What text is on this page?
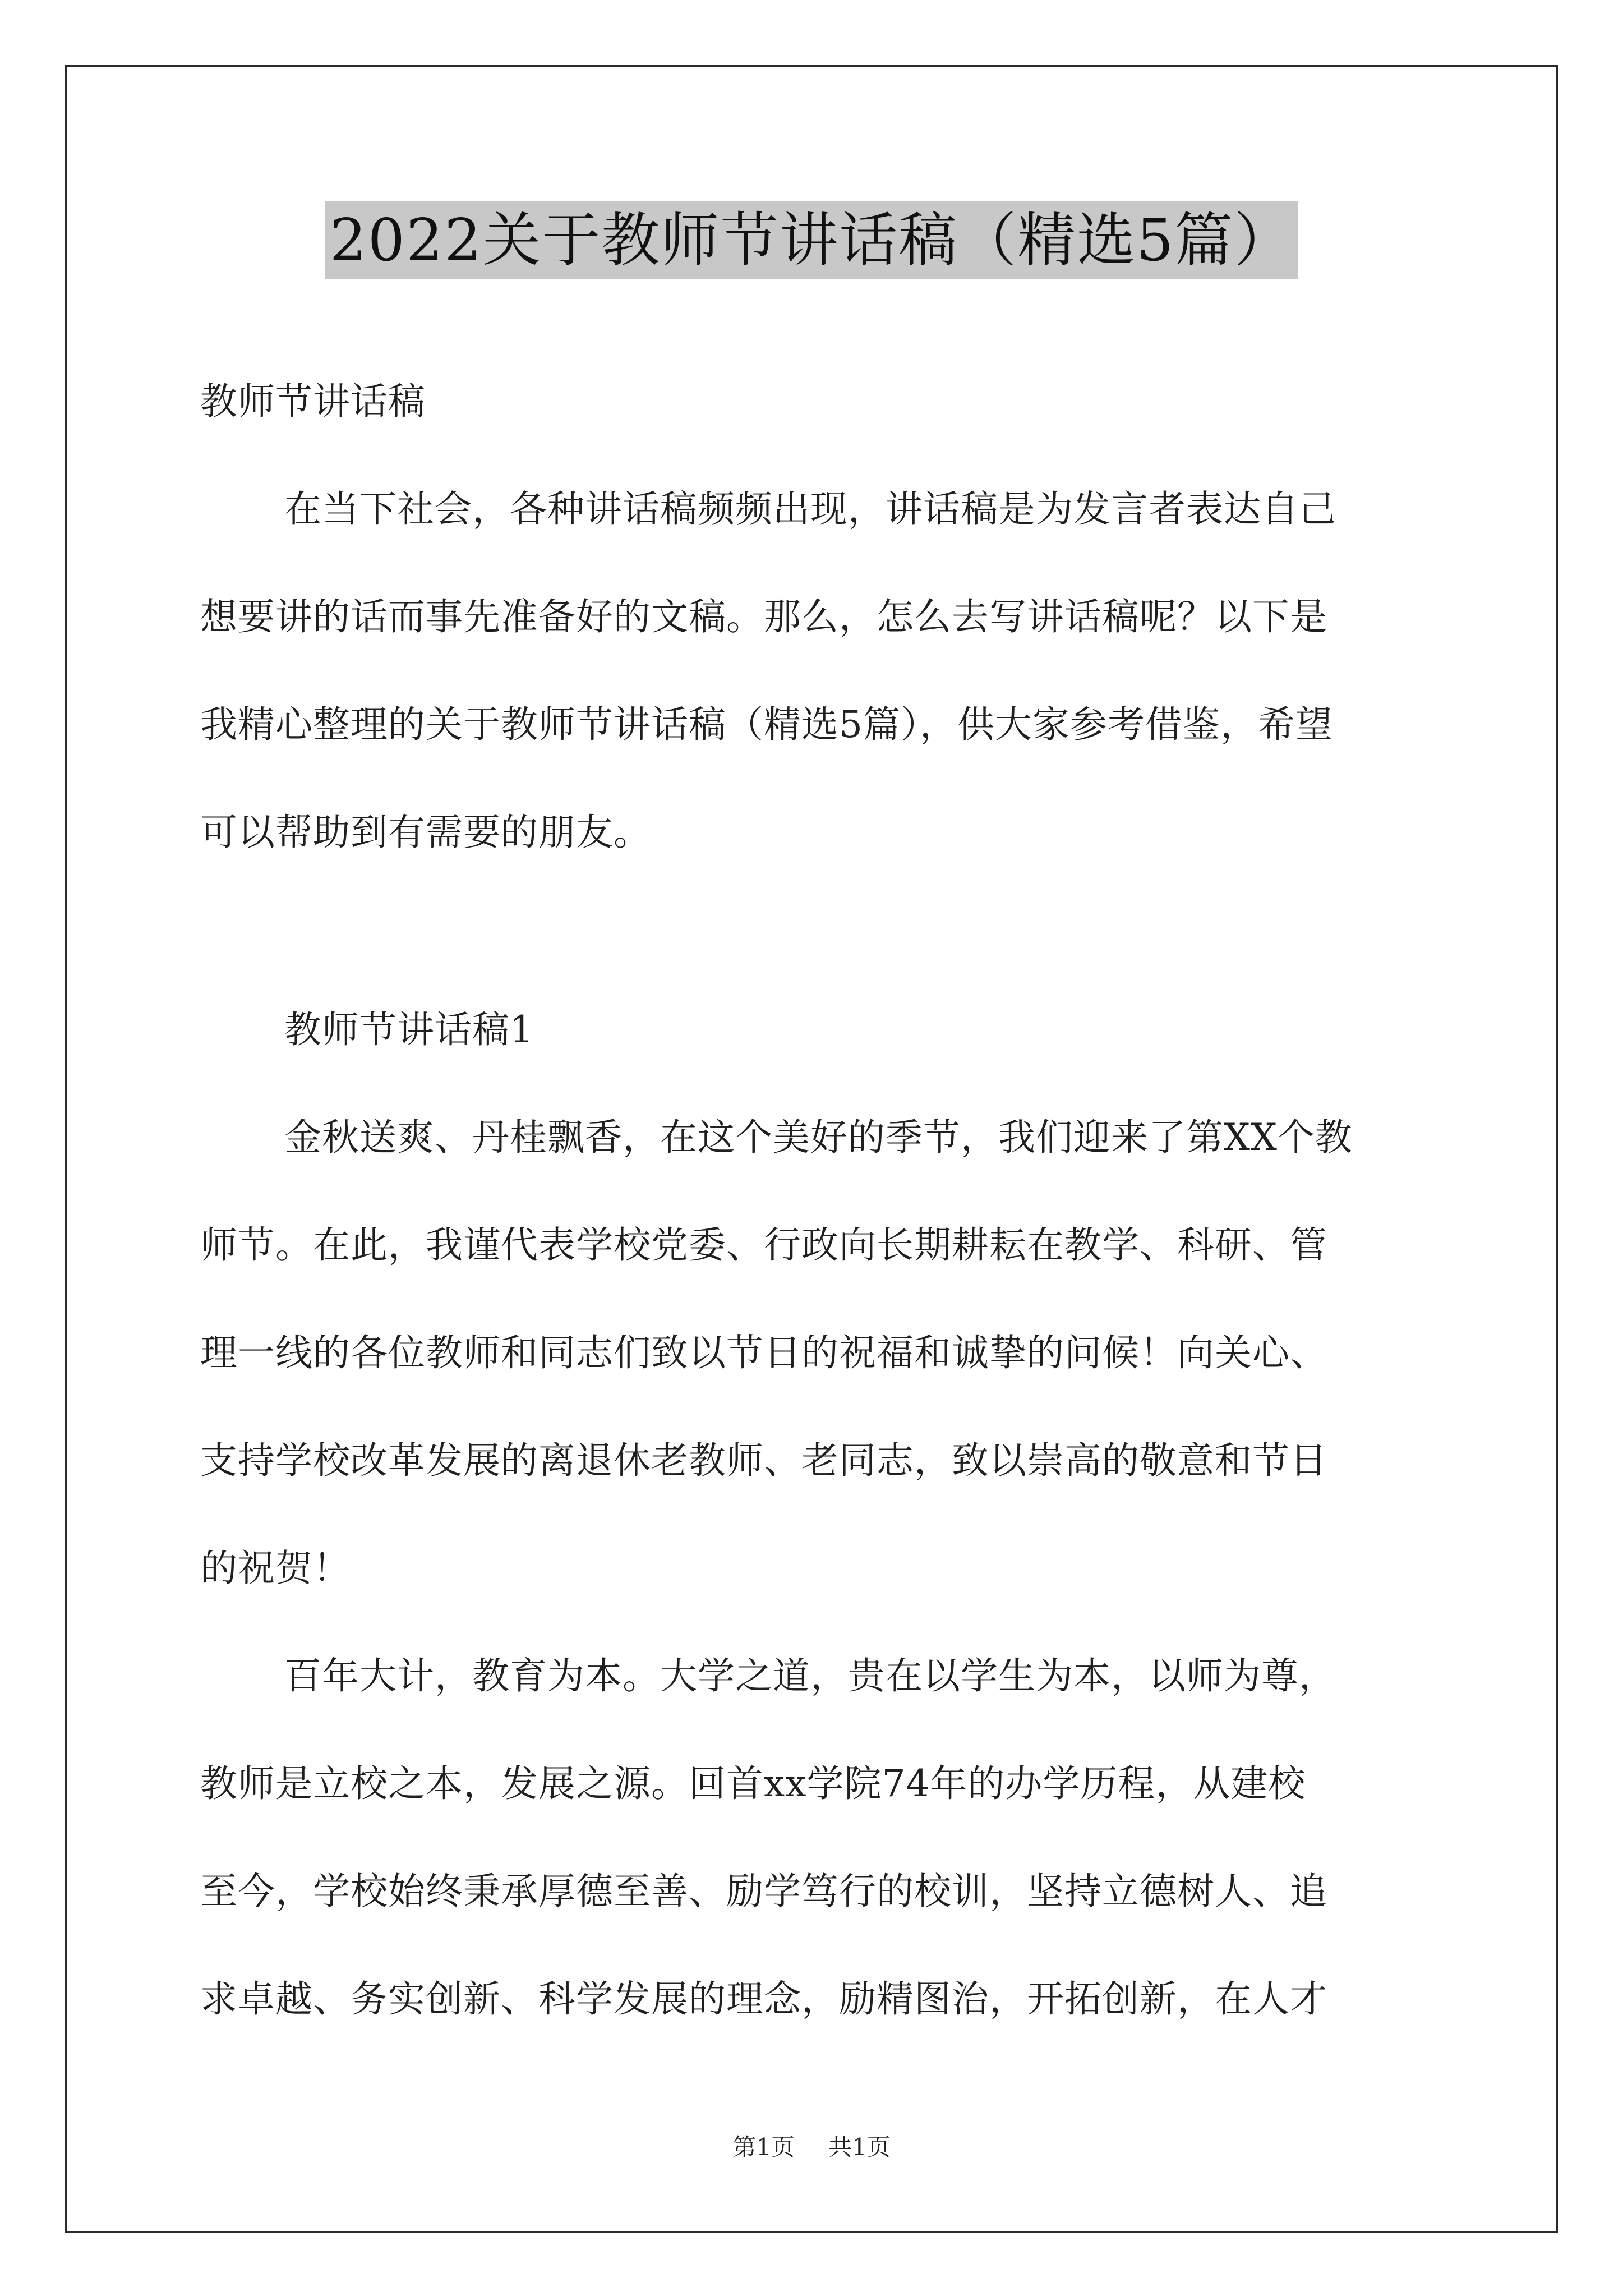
2022关于教师节讲话稿（精选5篇）
教师节讲话稿
在当下社会，各种讲话稿频频出现，讲话稿是为发言者表达自己
想要讲的话而事先准备好的文稿。那么，怎么去写讲话稿呢？以下是
我精心整理的关于教师节讲话稿（精选5篇），供大家参考借鉴，希望
可以帮助到有需要的朋友。
教师节讲话稿1
金秋送爽、丹桂飘香，在这个美好的季节，我们迎来了第XX个教
师节。在此，我谨代表学校党委、行政向长期耕耘在教学、科研、管
理一线的各位教师和同志们致以节日的祝福和诚挚的问候！向关心、
支持学校改革发展的离退休老教师、老同志，致以崇高的敬意和节日
的祝贺！
百年大计，教育为本。大学之道，贵在以学生为本，以师为尊，
教师是立校之本，发展之源。回首xx学院74年的办学历程，从建校
至今，学校始终秉承厚德至善、励学笃行的校训，坚持立德树人、追
求卓越、务实创新、科学发展的理念，励精图治，开拓创新，在人才
第1页 共1页
